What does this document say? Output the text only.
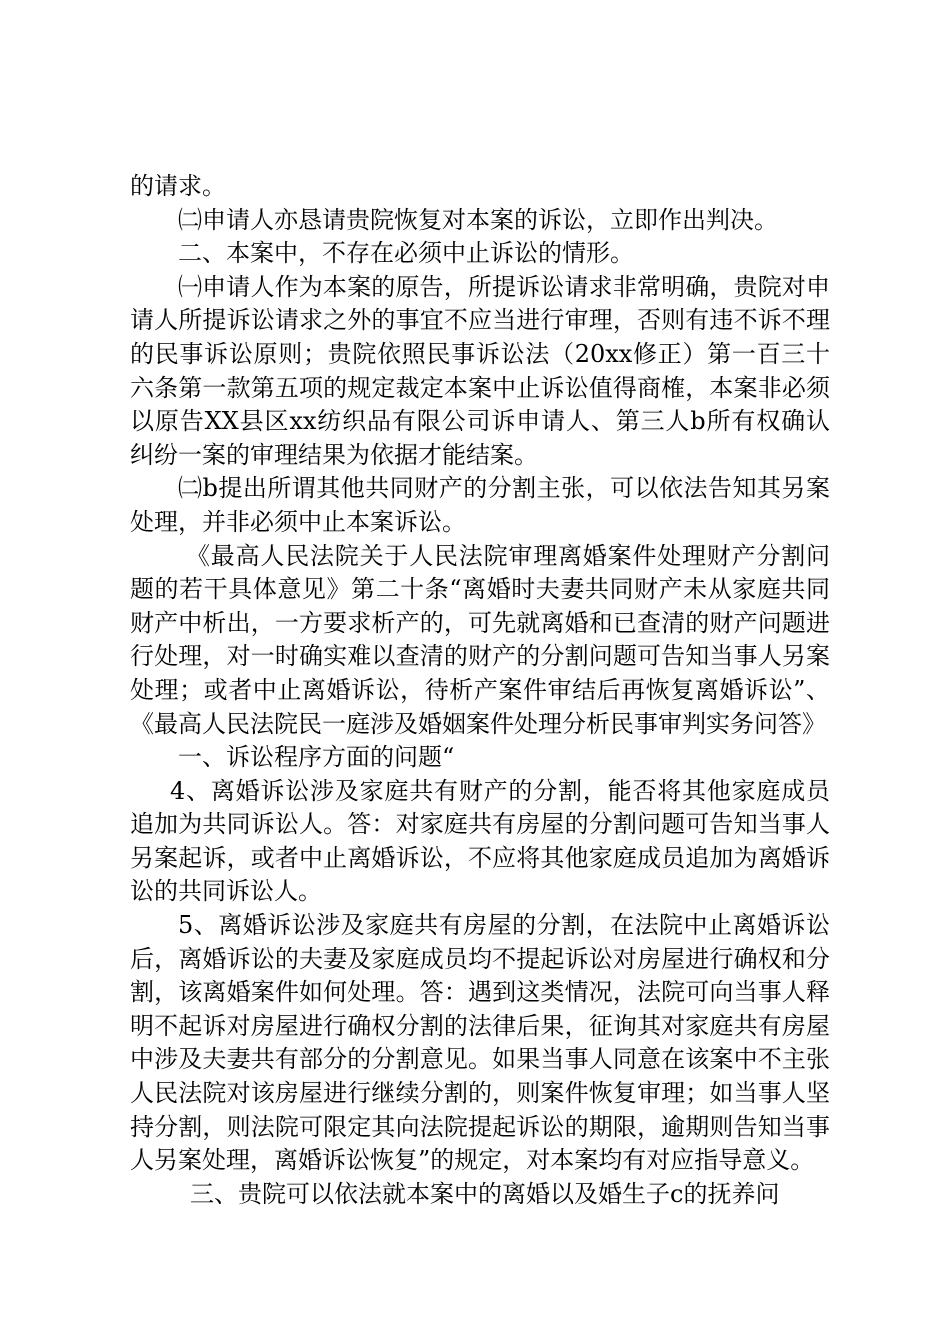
的请求。

㈡申请人亦恳请贵院恢复对本案的诉讼，立即作出判决。

二、本案中，不存在必须中止诉讼的情形。

㈠申请人作为本案的原告，所提诉讼请求非常明确，贵院对申请人所提诉讼请求之外的事宜不应当进行审理，否则有违不诉不理的民事诉讼原则；贵院依照民事诉讼法（20xx修正）第一百三十六条第一款第五项的规定裁定本案中止诉讼值得商榷，本案非必须以原告XX县区xx纺织品有限公司诉申请人、第三人b所有权确认纠纷一案的审理结果为依据才能结案。

㈡b提出所谓其他共同财产的分割主张，可以依法告知其另案处理，并非必须中止本案诉讼。

《最高人民法院关于人民法院审理离婚案件处理财产分割问题的若干具体意见》第二十条“离婚时夫妻共同财产未从家庭共同财产中析出，一方要求析产的，可先就离婚和已查清的财产问题进行处理，对一时确实难以查清的财产的分割问题可告知当事人另案处理；或者中止离婚诉讼，待析产案件审结后再恢复离婚诉讼”、《最高人民法院民一庭涉及婚姻案件处理分析民事审判实务问答》

一、诉讼程序方面的问题“

4、离婚诉讼涉及家庭共有财产的分割，能否将其他家庭成员追加为共同诉讼人。答：对家庭共有房屋的分割问题可告知当事人另案起诉，或者中止离婚诉讼，不应将其他家庭成员追加为离婚诉讼的共同诉讼人。

5、离婚诉讼涉及家庭共有房屋的分割，在法院中止离婚诉讼后，离婚诉讼的夫妻及家庭成员均不提起诉讼对房屋进行确权和分割，该离婚案件如何处理。答：遇到这类情况，法院可向当事人释明不起诉对房屋进行确权分割的法律后果，征询其对家庭共有房屋中涉及夫妻共有部分的分割意见。如果当事人同意在该案中不主张人民法院对该房屋进行继续分割的，则案件恢复审理；如当事人坚持分割，则法院可限定其向法院提起诉讼的期限，逾期则告知当事人另案处理，离婚诉讼恢复”的规定，对本案均有对应指导意义。

三、贵院可以依法就本案中的离婚以及婚生子c的抚养问
